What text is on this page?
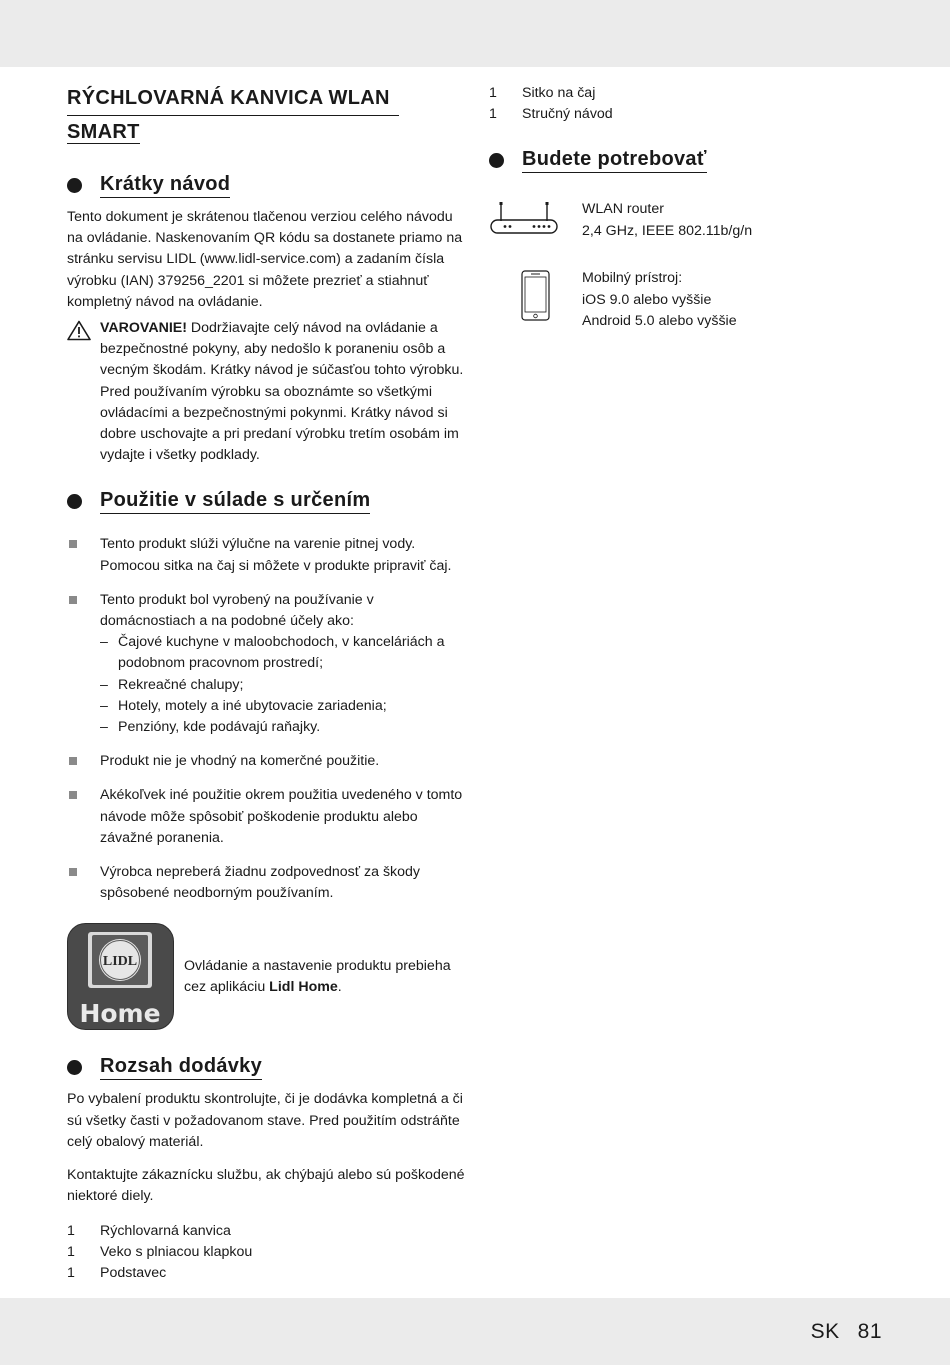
RÝCHLOVARNÁ KANVICA WLAN
SMART
Krátky návod

Tento dokument je skrátenou tlačenou verziou celého návodu na ovládanie. Naskenovaním QR kódu sa dostanete priamo na stránku servisu LIDL (www.lidl-service.com) a zadaním čísla výrobku (IAN) 379256_2201 si môžete prezrieť a stiahnuť kompletný návod na ovládanie.

VAROVANIE! Dodržiavajte celý návod na ovládanie a bezpečnostné pokyny, aby nedošlo k poraneniu osôb a vecným škodám. Krátky návod je súčasťou tohto výrobku. Pred používaním výrobku sa oboznámte so všetkými ovládacími a bezpečnostnými pokynmi. Krátky návod si dobre uschovajte a pri predaní výrobku tretím osobám im vydajte i všetky podklady.

Použitie v súlade s určením

Tento produkt slúži výlučne na varenie pitnej vody. Pomocou sitka na čaj si môžete v produkte pripraviť čaj.

Tento produkt bol vyrobený na používanie v domácnostiach a na podobné účely ako:

– Čajové kuchyne v maloobchodoch, v kanceláriách a podobnom pracovnom prostredí;

– Rekreačné chalupy;

– Hotely, motely a iné ubytovacie zariadenia;

– Penzióny, kde podávajú raňajky.

Produkt nie je vhodný na komerčné použitie.

Akékoľvek iné použitie okrem použitia uvedeného v tomto návode môže spôsobiť poškodenie produktu alebo závažné poranenia.

Výrobca nepreberá žiadnu zodpovednosť za škody spôsobené neodborným používaním.

LIDL
Home

Ovládanie a nastavenie produktu prebieha cez aplikáciu Lidl Home.

Rozsah dodávky

Po vybalení produktu skontrolujte, či je dodávka kompletná a či sú všetky časti v požadovanom stave. Pred použitím odstráňte celý obalový materiál.

Kontaktujte zákaznícku službu, ak chýbajú alebo sú poškodené niektoré diely.

1	Rýchlovarná kanvica
1	Veko s plniacou klapkou
1	Podstavec
1	Sitko na čaj
1	Stručný návod
Budete potrebovať

WLAN router

2,4 GHz, IEEE 802.11b/g/n

Mobilný prístroj:

iOS 9.0 alebo vyššie

Android 5.0 alebo vyššie

SK 81
